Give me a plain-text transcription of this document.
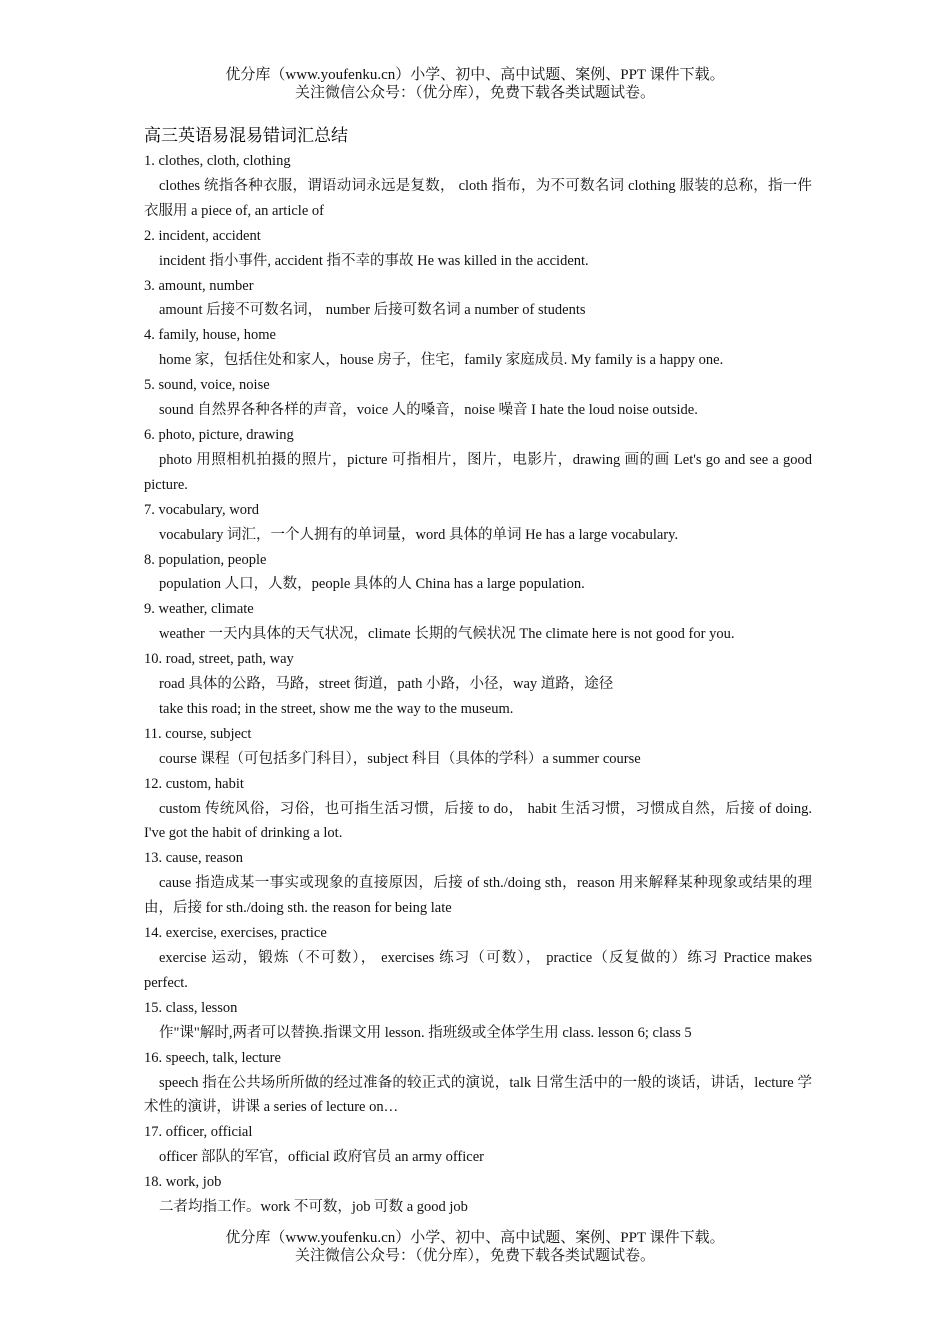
优分库（www.youfenku.cn）小学、初中、高中试题、案例、PPT 课件下载。
关注微信公众号：（优分库），免费下载各类试题试卷。
高三英语易混易错词汇总结

1. clothes, cloth, clothing

clothes 统指各种衣服，谓语动词永远是复数， cloth 指布，为不可数名词 clothing 服装的总称，指一件衣服用 a piece of, an article of

2. incident, accident

incident 指小事件, accident 指不幸的事故 He was killed in the accident.

3. amount, number

amount 后接不可数名词， number 后接可数名词 a number of students

4. family, house, home

home 家，包括住处和家人，house 房子，住宅，family 家庭成员. My family is a happy one.

5. sound, voice, noise

sound 自然界各种各样的声音，voice 人的嗓音，noise 噪音 I hate the loud noise outside.

6. photo, picture, drawing

photo 用照相机拍摄的照片，picture 可指相片，图片，电影片，drawing 画的画 Let's go and see a good picture.

7. vocabulary, word

vocabulary 词汇，一个人拥有的单词量，word 具体的单词 He has a large vocabulary.

8. population, people

population 人口，人数，people 具体的人 China has a large population.

9. weather, climate

weather 一天内具体的天气状况，climate 长期的气候状况 The climate here is not good for you.

10. road, street, path, way

road 具体的公路，马路，street 街道，path 小路，小径，way 道路，途径

take this road; in the street, show me the way to the museum.

11. course, subject

course 课程（可包括多门科目），subject 科目（具体的学科）a summer course

12. custom, habit

custom 传统风俗，习俗，也可指生活习惯，后接 to do， habit 生活习惯，习惯成自然，后接 of doing. I've got the habit of drinking a lot.

13. cause, reason

cause 指造成某一事实或现象的直接原因，后接 of sth./doing sth，reason 用来解释某种现象或结果的理由，后接 for sth./doing sth. the reason for being late

14. exercise, exercises, practice

exercise 运动，锻炼（不可数）， exercises 练习（可数）， practice（反复做的）练习 Practice makes perfect.

15. class, lesson

作"课"解时,两者可以替换.指课文用 lesson. 指班级或全体学生用 class. lesson 6; class 5

16. speech, talk, lecture

speech 指在公共场所所做的经过准备的较正式的演说，talk 日常生活中的一般的谈话，讲话，lecture 学术性的演讲，讲课 a series of lecture on…

17. officer, official

officer 部队的军官，official 政府官员 an army officer

18. work, job

二者均指工作。work 不可数，job 可数 a good job

优分库（www.youfenku.cn）小学、初中、高中试题、案例、PPT 课件下载。
关注微信公众号：（优分库），免费下载各类试题试卷。
